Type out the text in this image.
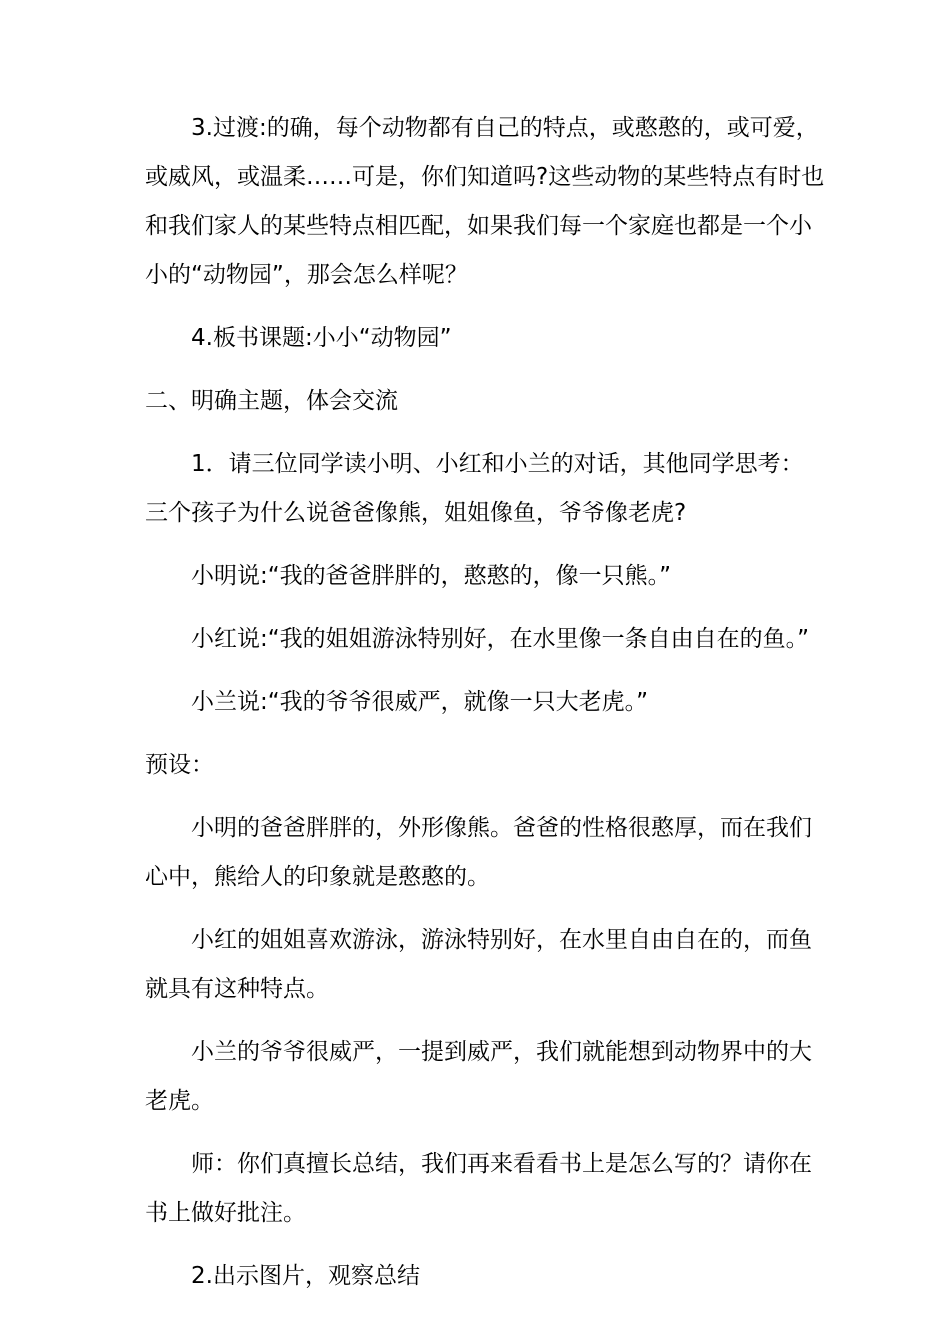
3.过渡:的确，每个动物都有自己的特点，或憨憨的，或可爱，或威风，或温柔……可是，你们知道吗?这些动物的某些特点有时也和我们家人的某些特点相匹配，如果我们每一个家庭也都是一个小小的“动物园”，那会怎么样呢？

4.板书课题:小小“动物园”

二、明确主题，体会交流

1．请三位同学读小明、小红和小兰的对话，其他同学思考：三个孩子为什么说爸爸像熊，姐姐像鱼，爷爷像老虎?

小明说:“我的爸爸胖胖的，憨憨的，像一只熊。”

小红说:“我的姐姐游泳特别好，在水里像一条自由自在的鱼。”

小兰说:“我的爷爷很威严，就像一只大老虎。”

预设：

小明的爸爸胖胖的，外形像熊。爸爸的性格很憨厚，而在我们心中，熊给人的印象就是憨憨的。

小红的姐姐喜欢游泳，游泳特别好，在水里自由自在的，而鱼就具有这种特点。

小兰的爷爷很威严，一提到威严，我们就能想到动物界中的大老虎。

师：你们真擅长总结，我们再来看看书上是怎么写的？请你在书上做好批注。

2.出示图片，观察总结
